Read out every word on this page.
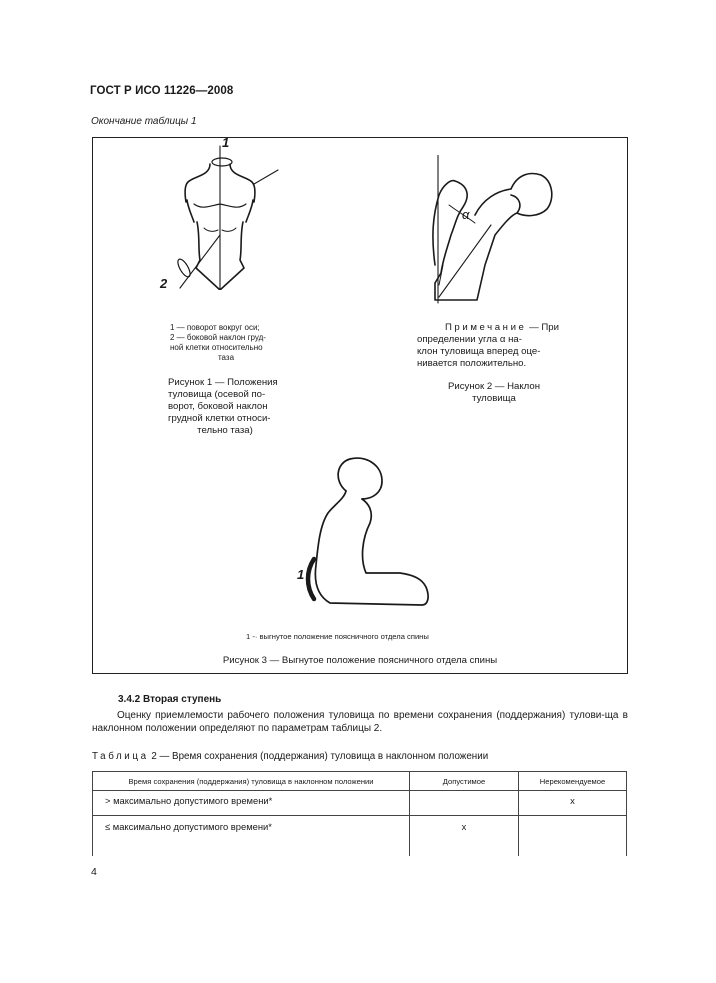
ГОСТ Р ИСО 11226—2008
Окончание таблицы 1
1
2
1 — поворот вокруг оси;
2 — боковой наклон груд-
ной клетки относительно
таза
Рисунок 1 — Положения
туловища (осевой по-
ворот, боковой наклон
грудной клетки относи-
тельно таза)
α
Примечание — При
определении угла α на-
клон туловища вперед оце-
нивается положительно.
Рисунок 2 — Наклон
туловища
1
1 -· выгнутое положение поясничного отдела спины
Рисунок 3 — Выгнутое положение поясничного отдела спины
3.4.2 Вторая ступень
Оценку приемлемости рабочего положения туловища по времени сохранения (поддержания) тулови-ща в наклонном положении определяют по параметрам таблицы 2.
Таблица 2 — Время сохранения (поддержания) туловища в наклонном положении
Время сохранения (поддержания) туловища в наклонном положении	Допустимое	Нерекомендуемое
> максимально допустимого времени*		x
≤ максимально допустимого времени*	x	
4
